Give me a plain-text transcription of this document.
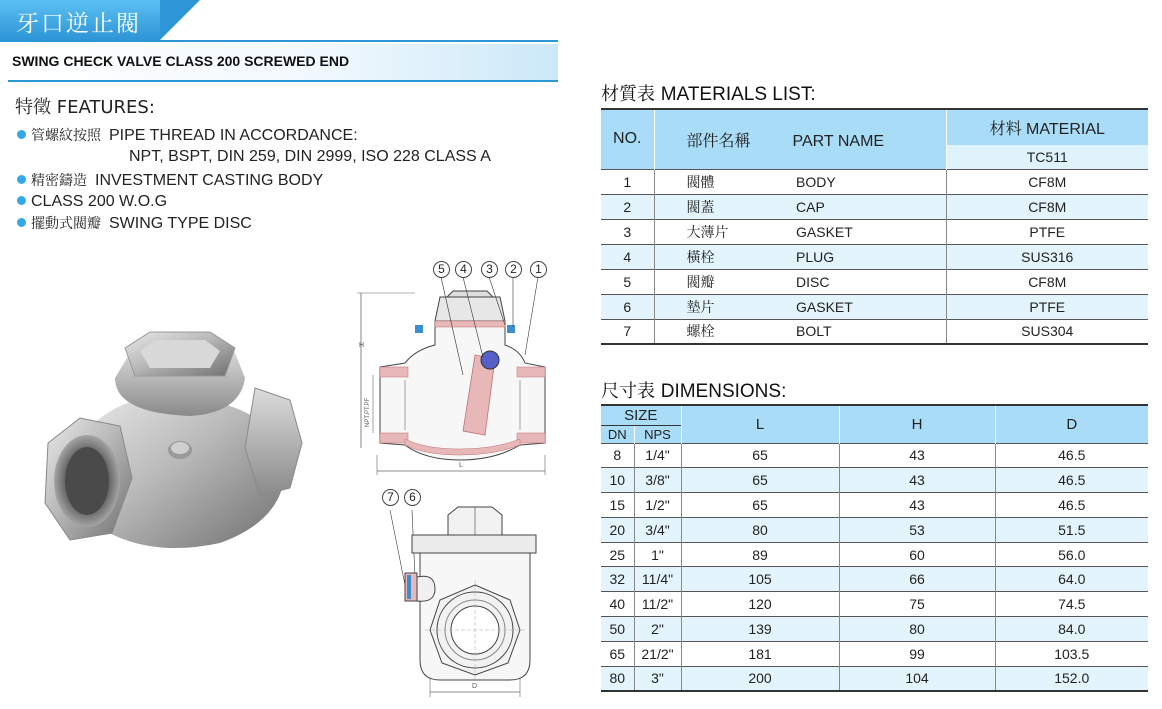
牙口逆止閥
SWING CHECK VALVE CLASS 200 SCREWED END
特徵 FEATURES:
管螺紋按照 PIPE THREAD IN ACCORDANCE:
NPT, BSPT, DIN 259, DIN 2999, ISO 228 CLASS A
精密鑄造 INVESTMENT CASTING BODY
CLASS 200 W.O.G
擺動式閥瓣 SWING TYPE DISC
5	4	3	2	1
H
L
NPT.PT.PF
7	6
D
材質表 MATERIALS LIST:
NO.	部件名稱 PART NAME		材料 MATERIAL
			TC511
1	閥體	BODY	CF8M
2	閥蓋	CAP	CF8M
3	大薄片	GASKET	PTFE
4	橫栓	PLUG	SUS316
5	閥瓣	DISC	CF8M
6	墊片	GASKET	PTFE
7	螺栓	BOLT	SUS304
尺寸表 DIMENSIONS:
SIZE		L	H	D
DN	NPS			
8	1/4"	65	43	46.5
10	3/8"	65	43	46.5
15	1/2"	65	43	46.5
20	3/4"	80	53	51.5
25	1"	89	60	56.0
32	11/4"	105	66	64.0
40	11/2"	120	75	74.5
50	2"	139	80	84.0
65	21/2"	181	99	103.5
80	3"	200	104	152.0
